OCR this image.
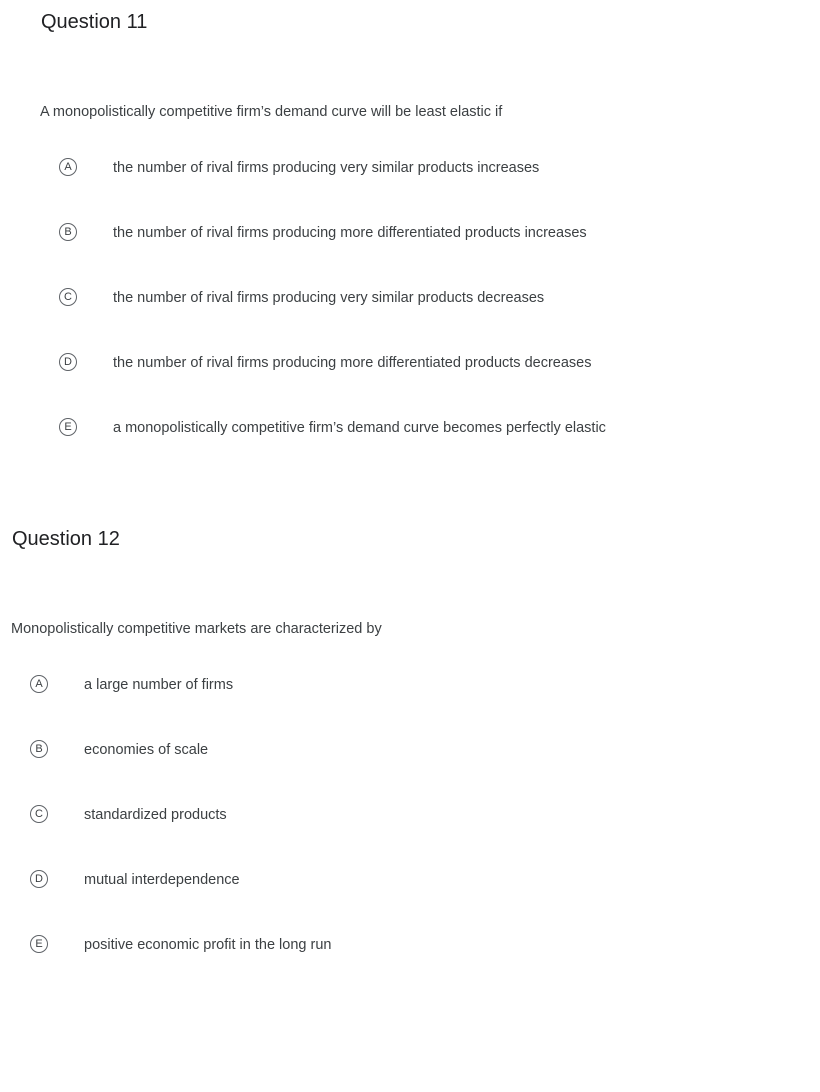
Question 11
A monopolistically competitive firm’s demand curve will be least elastic if
A	the number of rival firms producing very similar products increases
B	the number of rival firms producing more differentiated products increases
C	the number of rival firms producing very similar products decreases
D	the number of rival firms producing more differentiated products decreases
E	a monopolistically competitive firm’s demand curve becomes perfectly elastic
Question 12
Monopolistically competitive markets are characterized by
A	a large number of firms
B	economies of scale
C	standardized products
D	mutual interdependence
E	positive economic profit in the long run
